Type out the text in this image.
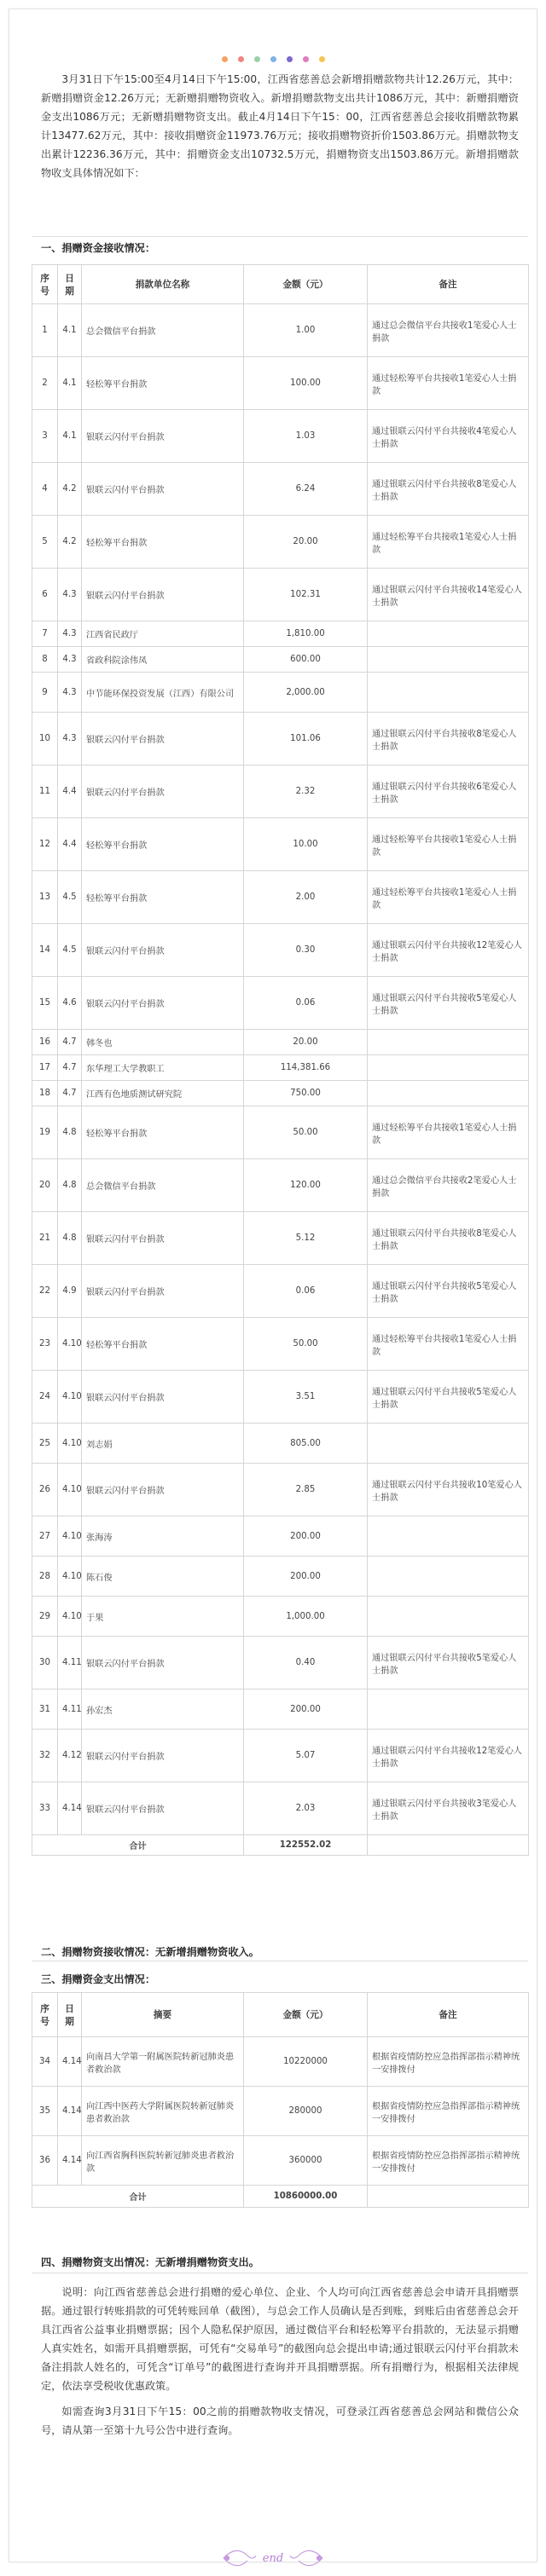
3月31日下午15:00至4月14日下午15:00，江西省慈善总会新增捐赠款物共计12.26万元，其中：新赠捐赠资金12.26万元；无新赠捐赠物资收入。新增捐赠款物支出共计1086万元，其中：新赠捐赠资金支出1086万元；无新赠捐赠物资支出。截止4月14日下午15：00，江西省慈善总会接收捐赠款物累计13477.62万元，其中：接收捐赠资金11973.76万元；接收捐赠物资折价1503.86万元。捐赠款物支出累计12236.36万元，其中：捐赠资金支出10732.5万元，捐赠物资支出1503.86万元。新增捐赠款物收支具体情况如下：

一、捐赠资金接收情况：
序号	日期	捐款单位名称	金额（元）	备注
1	4.1	总会微信平台捐款	1.00	通过总会微信平台共接收1笔爱心人士捐款
2	4.1	轻松筹平台捐款	100.00	通过轻松筹平台共接收1笔爱心人士捐款
3	4.1	银联云闪付平台捐款	1.03	通过银联云闪付平台共接收4笔爱心人士捐款
4	4.2	银联云闪付平台捐款	6.24	通过银联云闪付平台共接收8笔爱心人士捐款
5	4.2	轻松筹平台捐款	20.00	通过轻松筹平台共接收1笔爱心人士捐款
6	4.3	银联云闪付平台捐款	102.31	通过银联云闪付平台共接收14笔爱心人士捐款
7	4.3	江西省民政厅	1,810.00	
8	4.3	省政科院涂伟凤	600.00	
9	4.3	中节能环保投资发展（江西）有限公司	2,000.00	
10	4.3	银联云闪付平台捐款	101.06	通过银联云闪付平台共接收8笔爱心人士捐款
11	4.4	银联云闪付平台捐款	2.32	通过银联云闪付平台共接收6笔爱心人士捐款
12	4.4	轻松筹平台捐款	10.00	通过轻松筹平台共接收1笔爱心人士捐款
13	4.5	轻松筹平台捐款	2.00	通过轻松筹平台共接收1笔爱心人士捐款
14	4.5	银联云闪付平台捐款	0.30	通过银联云闪付平台共接收12笔爱心人士捐款
15	4.6	银联云闪付平台捐款	0.06	通过银联云闪付平台共接收5笔爱心人士捐款
16	4.7	韩冬也	20.00	
17	4.7	东华理工大学教职工	114,381.66	
18	4.7	江西有色地质测试研究院	750.00	
19	4.8	轻松筹平台捐款	50.00	通过轻松筹平台共接收1笔爱心人士捐款
20	4.8	总会微信平台捐款	120.00	通过总会微信平台共接收2笔爱心人士捐款
21	4.8	银联云闪付平台捐款	5.12	通过银联云闪付平台共接收8笔爱心人士捐款
22	4.9	银联云闪付平台捐款	0.06	通过银联云闪付平台共接收5笔爱心人士捐款
23	4.10	轻松筹平台捐款	50.00	通过轻松筹平台共接收1笔爱心人士捐款
24	4.10	银联云闪付平台捐款	3.51	通过银联云闪付平台共接收5笔爱心人士捐款
25	4.10	刘志娟	805.00	
26	4.10	银联云闪付平台捐款	2.85	通过银联云闪付平台共接收10笔爱心人士捐款
27	4.10	张海涛	200.00	
28	4.10	陈石俊	200.00	
29	4.10	于果	1,000.00	
30	4.11	银联云闪付平台捐款	0.40	通过银联云闪付平台共接收5笔爱心人士捐款
31	4.11	孙宏杰	200.00	
32	4.12	银联云闪付平台捐款	5.07	通过银联云闪付平台共接收12笔爱心人士捐款
33	4.14	银联云闪付平台捐款	2.03	通过银联云闪付平台共接收3笔爱心人士捐款
合计			122552.02	
二、捐赠物资接收情况：无新增捐赠物资收入。
三、捐赠资金支出情况：
序号	日期	摘要	金额（元）	备注
34	4.14	向南昌大学第一附属医院转新冠肺炎患者救治款	10220000	根据省疫情防控应急指挥部指示精神统一安排拨付
35	4.14	向江西中医药大学附属医院转新冠肺炎患者救治款	280000	根据省疫情防控应急指挥部指示精神统一安排拨付
36	4.14	向江西省胸科医院转新冠肺炎患者救治款	360000	根据省疫情防控应急指挥部指示精神统一安排拨付
合计			10860000.00	
四、捐赠物资支出情况：无新增捐赠物资支出。

说明：向江西省慈善总会进行捐赠的爱心单位、企业、个人均可向江西省慈善总会申请开具捐赠票据。通过银行转账捐款的可凭转账回单（截图），与总会工作人员确认是否到账，到账后由省慈善总会开具江西省公益事业捐赠票据；因个人隐私保护原因，通过微信平台和轻松筹平台捐款的，无法显示捐赠人真实姓名，如需开具捐赠票据，可凭有“交易单号”的截图向总会提出申请;通过银联云闪付平台捐款未备注捐款人姓名的，可凭含“订单号”的截图进行查询并开具捐赠票据。所有捐赠行为，根据相关法律规定，依法享受税收优惠政策。

如需查询3月31日下午15：00之前的捐赠款物收支情况，可登录江西省慈善总会网站和微信公众号，请从第一至第十九号公告中进行查询。

end
